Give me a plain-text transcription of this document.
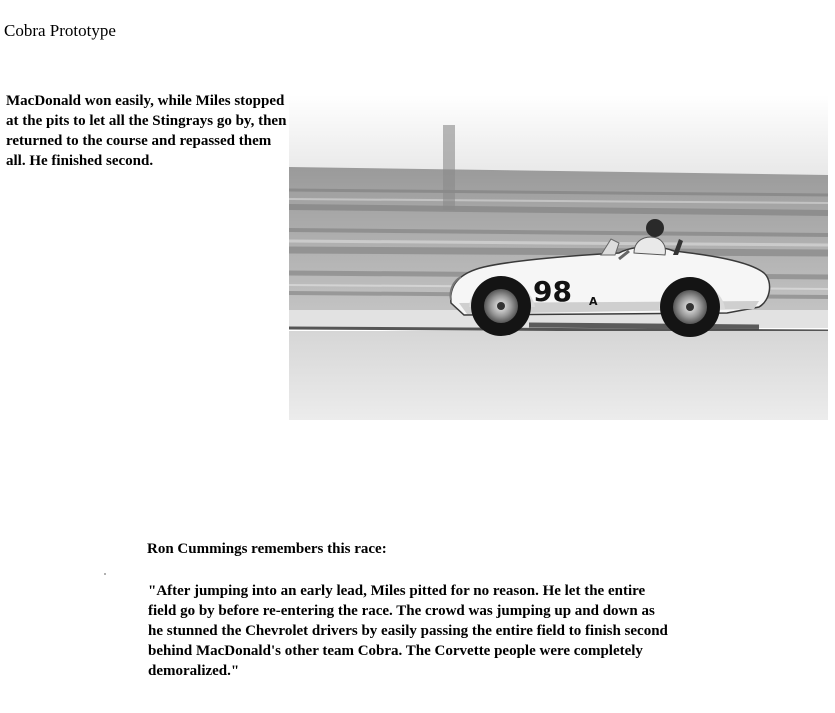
Cobra Prototype

MacDonald won easily, while Miles stopped at the pits to let all the Stingrays go by, then returned to the course and repassed them all. He finished second.

98 A

Ron Cummings remembers this race:

"After jumping into an early lead, Miles pitted for no reason. He let the entire field go by before re-entering the race. The crowd was jumping up and down as he stunned the Chevrolet drivers by easily passing the entire field to finish second behind MacDonald's other team Cobra. The Corvette people were completely demoralized."
